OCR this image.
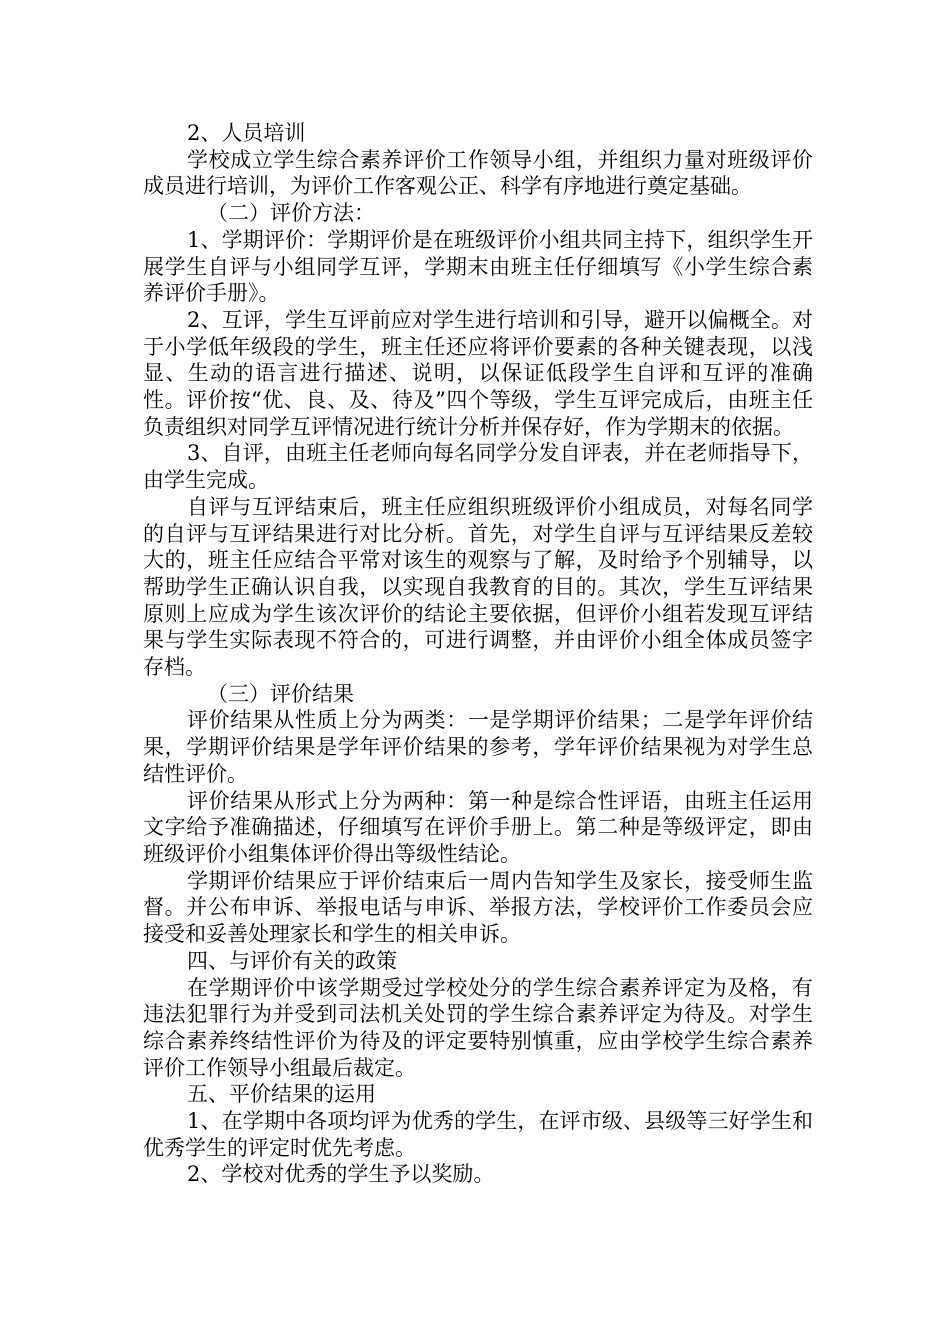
2、人员培训

学校成立学生综合素养评价工作领导小组，并组织力量对班级评价成员进行培训，为评价工作客观公正、科学有序地进行奠定基础。

（二）评价方法：

1、学期评价：学期评价是在班级评价小组共同主持下，组织学生开展学生自评与小组同学互评，学期末由班主任仔细填写《小学生综合素养评价手册》。

2、互评，学生互评前应对学生进行培训和引导，避开以偏概全。对于小学低年级段的学生，班主任还应将评价要素的各种关键表现，以浅显、生动的语言进行描述、说明，以保证低段学生自评和互评的准确性。评价按“优、良、及、待及”四个等级，学生互评完成后，由班主任负责组织对同学互评情况进行统计分析并保存好，作为学期末的依据。

3、自评，由班主任老师向每名同学分发自评表，并在老师指导下，由学生完成。

自评与互评结束后，班主任应组织班级评价小组成员，对每名同学的自评与互评结果进行对比分析。首先，对学生自评与互评结果反差较大的，班主任应结合平常对该生的观察与了解，及时给予个别辅导，以帮助学生正确认识自我，以实现自我教育的目的。其次，学生互评结果原则上应成为学生该次评价的结论主要依据，但评价小组若发现互评结果与学生实际表现不符合的，可进行调整，并由评价小组全体成员签字存档。

（三）评价结果

评价结果从性质上分为两类：一是学期评价结果；二是学年评价结果，学期评价结果是学年评价结果的参考，学年评价结果视为对学生总结性评价。

评价结果从形式上分为两种：第一种是综合性评语，由班主任运用文字给予准确描述，仔细填写在评价手册上。第二种是等级评定，即由班级评价小组集体评价得出等级性结论。

学期评价结果应于评价结束后一周内告知学生及家长，接受师生监督。并公布申诉、举报电话与申诉、举报方法，学校评价工作委员会应接受和妥善处理家长和学生的相关申诉。

四、与评价有关的政策

在学期评价中该学期受过学校处分的学生综合素养评定为及格，有违法犯罪行为并受到司法机关处罚的学生综合素养评定为待及。对学生综合素养终结性评价为待及的评定要特别慎重，应由学校学生综合素养评价工作领导小组最后裁定。

五、平价结果的运用

1、在学期中各项均评为优秀的学生，在评市级、县级等三好学生和优秀学生的评定时优先考虑。

2、学校对优秀的学生予以奖励。
